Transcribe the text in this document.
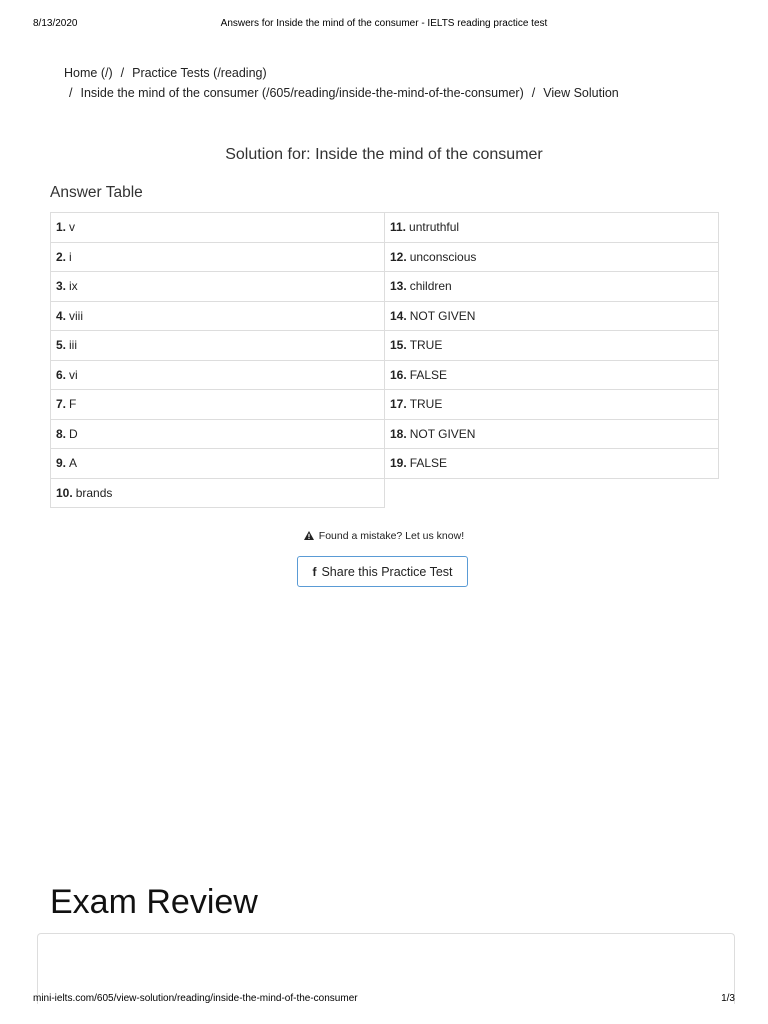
8/13/2020	Answers for Inside the mind of the consumer - IELTS reading practice test
Home (/) / Practice Tests (/reading)
/ Inside the mind of the consumer (/605/reading/inside-the-mind-of-the-consumer) / View Solution
Solution for: Inside the mind of the consumer
Answer Table
1. v	11. untruthful
2. i	12. unconscious
3. ix	13. children
4. viii	14. NOT GIVEN
5. iii	15. TRUE
6. vi	16. FALSE
7. F	17. TRUE
8. D	18. NOT GIVEN
9. A	19. FALSE
10. brands	
Found a mistake? Let us know!
f Share this Practice Test
Exam Review
mini-ielts.com/605/view-solution/reading/inside-the-mind-of-the-consumer	1/3
